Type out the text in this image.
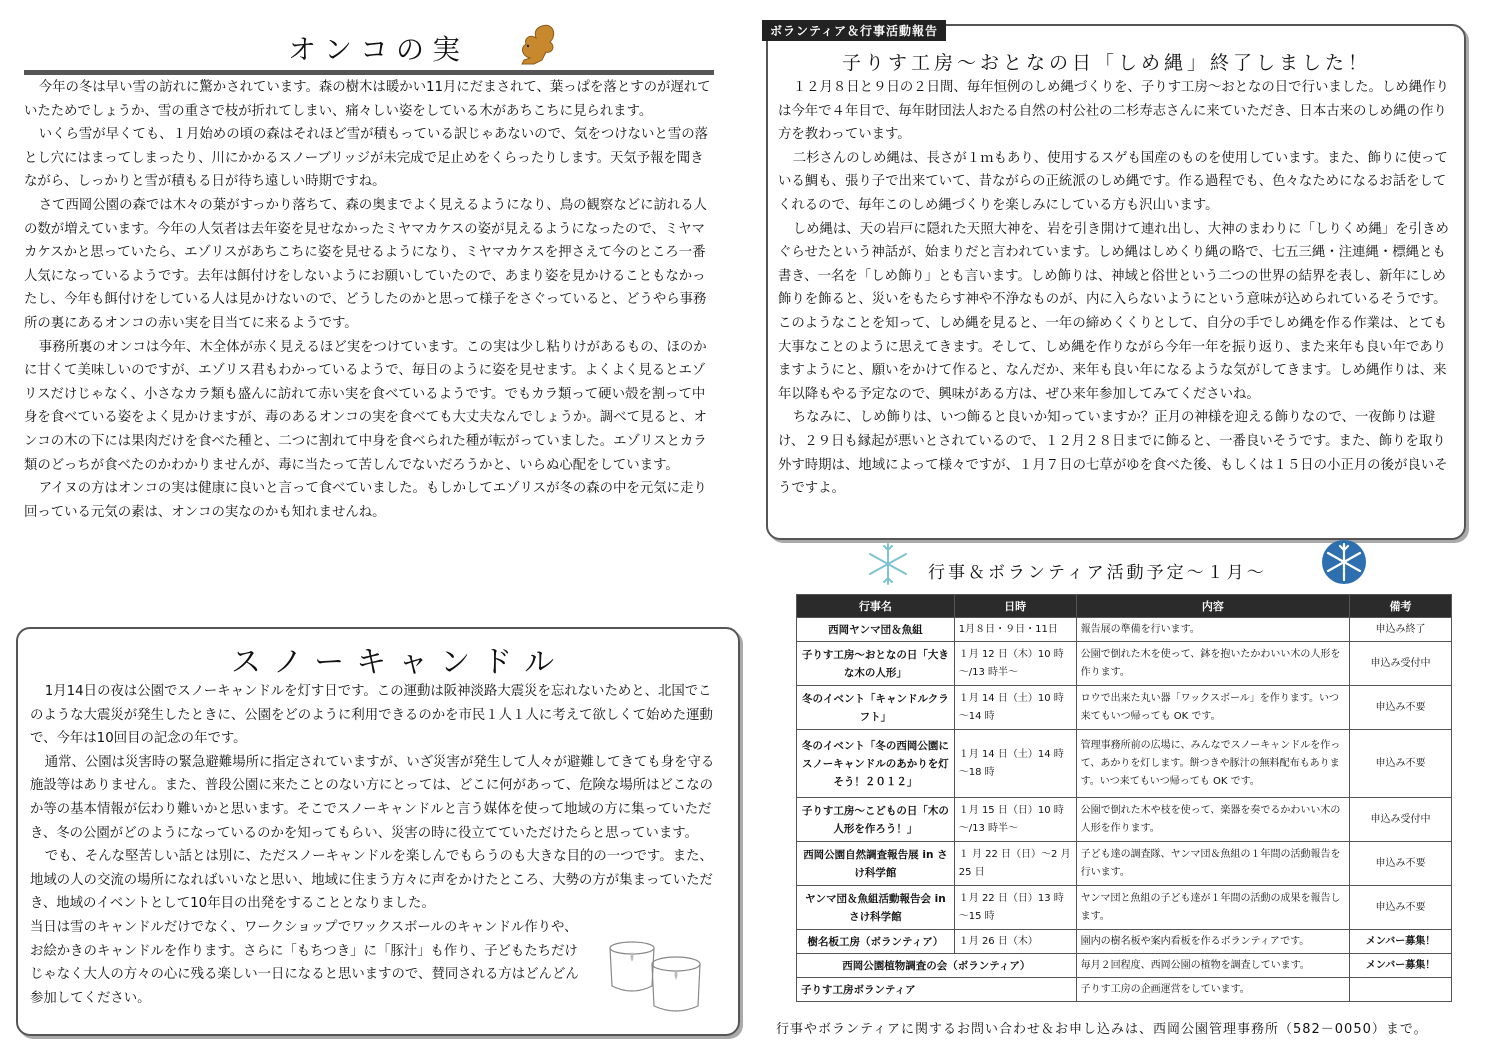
オンコの実

今年の冬は早い雪の訪れに驚かされています。森の樹木は暖かい11月にだまされて、葉っぱを落とすのが遅れていたためでしょうか、雪の重さで枝が折れてしまい、痛々しい姿をしている木があちこちに見られます。

いくら雪が早くても、１月始めの頃の森はそれほど雪が積もっている訳じゃあないので、気をつけないと雪の落とし穴にはまってしまったり、川にかかるスノーブリッジが未完成で足止めをくらったりします。天気予報を聞きながら、しっかりと雪が積もる日が待ち遠しい時期ですね。

さて西岡公園の森では木々の葉がすっかり落ちて、森の奥までよく見えるようになり、鳥の観察などに訪れる人の数が増えています。今年の人気者は去年姿を見せなかったミヤマカケスの姿が見えるようになったので、ミヤマカケスかと思っていたら、エゾリスがあちこちに姿を見せるようになり、ミヤマカケスを押さえて今のところ一番人気になっているようです。去年は餌付けをしないようにお願いしていたので、あまり姿を見かけることもなかったし、今年も餌付けをしている人は見かけないので、どうしたのかと思って様子をさぐっていると、どうやら事務所の裏にあるオンコの赤い実を目当てに来るようです。

事務所裏のオンコは今年、木全体が赤く見えるほど実をつけています。この実は少し粘りけがあるもの、ほのかに甘くて美味しいのですが、エゾリス君もわかっているようで、毎日のように姿を見せます。よくよく見るとエゾリスだけじゃなく、小さなカラ類も盛んに訪れて赤い実を食べているようです。でもカラ類って硬い殻を割って中身を食べている姿をよく見かけますが、毒のあるオンコの実を食べても大丈夫なんでしょうか。調べて見ると、オンコの木の下には果肉だけを食べた種と、二つに割れて中身を食べられた種が転がっていました。エゾリスとカラ類のどっちが食べたのかわかりませんが、毒に当たって苦しんでないだろうかと、いらぬ心配をしています。

アイヌの方はオンコの実は健康に良いと言って食べていました。もしかしてエゾリスが冬の森の中を元気に走り回っている元気の素は、オンコの実なのかも知れませんね。

スノーキャンドル

1月14日の夜は公園でスノーキャンドルを灯す日です。この運動は阪神淡路大震災を忘れないためと、北国でこのような大震災が発生したときに、公園をどのように利用できるのかを市民１人１人に考えて欲しくて始めた運動で、今年は10回目の記念の年です。

通常、公園は災害時の緊急避難場所に指定されていますが、いざ災害が発生して人々が避難してきても身を守る施設等はありません。また、普段公園に来たことのない方にとっては、どこに何があって、危険な場所はどこなのか等の基本情報が伝わり難いかと思います。そこでスノーキャンドルと言う媒体を使って地域の方に集っていただき、冬の公園がどのようになっているのかを知ってもらい、災害の時に役立てていただけたらと思っています。

でも、そんな堅苦しい話とは別に、ただスノーキャンドルを楽しんでもらうのも大きな目的の一つです。また、地域の人の交流の場所になればいいなと思い、地域に住まう方々に声をかけたところ、大勢の方が集まっていただき、地域のイベントとして10年目の出発をすることとなりました。

当日は雪のキャンドルだけでなく、ワークショップでワックスボールのキャンドル作りや、お絵かきのキャンドルを作ります。さらに「もちつき」に「豚汁」も作り、子どもたちだけじゃなく大人の方々の心に残る楽しい一日になると思いますので、賛同される方はどんどん参加してください。

ボランティア＆行事活動報告
子りす工房～おとなの日「しめ縄」終了しました！

１２月８日と９日の２日間、毎年恒例のしめ縄づくりを、子りす工房～おとなの日で行いました。しめ縄作りは今年で４年目で、毎年財団法人おたる自然の村公社の二杉寿志さんに来ていただき、日本古来のしめ縄の作り方を教わっています。

二杉さんのしめ縄は、長さが１ｍもあり、使用するスゲも国産のものを使用しています。また、飾りに使っている鯛も、張り子で出来ていて、昔ながらの正統派のしめ縄です。作る過程でも、色々なためになるお話をしてくれるので、毎年このしめ縄づくりを楽しみにしている方も沢山います。

しめ縄は、天の岩戸に隠れた天照大神を、岩を引き開けて連れ出し、大神のまわりに「しりくめ縄」を引きめぐらせたという神話が、始まりだと言われています。しめ縄はしめくり縄の略で、七五三縄・注連縄・標縄とも書き、一名を「しめ飾り」とも言います。しめ飾りは、神域と俗世という二つの世界の結界を表し、新年にしめ飾りを飾ると、災いをもたらす神や不浄なものが、内に入らないようにという意味が込められているそうです。このようなことを知って、しめ縄を見ると、一年の締めくくりとして、自分の手でしめ縄を作る作業は、とても大事なことのように思えてきます。そして、しめ縄を作りながら今年一年を振り返り、また来年も良い年でありますようにと、願いをかけて作ると、なんだか、来年も良い年になるような気がしてきます。しめ縄作りは、来年以降もやる予定なので、興味がある方は、ぜひ来年参加してみてくださいね。

ちなみに、しめ飾りは、いつ飾ると良いか知っていますか？正月の神様を迎える飾りなので、一夜飾りは避け、２９日も縁起が悪いとされているので、１２月２８日までに飾ると、一番良いそうです。また、飾りを取り外す時期は、地域によって様々ですが、１月７日の七草がゆを食べた後、もしくは１５日の小正月の後が良いそうですよ。

行事＆ボランティア活動予定～１月～
行事名	日時	内容	備考
西岡ヤンマ団＆魚組	1月８日・９日・11日	報告展の準備を行います。	申込み終了
子りす工房～おとなの日「大きな木の人形」	１月 12 日（木）10 時～/13 時半～	公園で倒れた木を使って、鉢を抱いたかわいい木の人形を作ります。	申込み受付中
冬のイベント「キャンドルクラフト」	１月 14 日（土）10 時～14 時	ロウで出来た丸い器「ワックスボール」を作ります。いつ来てもいつ帰っても OK です。	申込み不要
冬のイベント「冬の西岡公園にスノーキャンドルのあかりを灯そう！２０１２」	１月 14 日（土）14 時～18 時	管理事務所前の広場に、みんなでスノーキャンドルを作って、あかりを灯します。餅つきや豚汁の無料配布もあります。いつ来てもいつ帰っても OK です。	申込み不要
子りす工房～こどもの日「木の人形を作ろう！」	１月 15 日（日）10 時～/13 時半～	公園で倒れた木や枝を使って、楽器を奏でるかわいい木の人形を作ります。	申込み受付中
西岡公園自然調査報告展 in さけ科学館	１ 月 22 日（日）～2 月 25 日	子ども達の調査隊、ヤンマ団＆魚組の１年間の活動報告を行います。	申込み不要
ヤンマ団＆魚組活動報告会 in さけ科学館	１月 22 日（日）13 時～15 時	ヤンマ団と魚組の子ども達が１年間の活動の成果を報告します。	申込み不要
樹名板工房（ボランティア）	１月 26 日（木）	園内の樹名板や案内看板を作るボランティアです。	メンバー募集！
西岡公園植物調査の会（ボランティア）		毎月２回程度、西岡公園の植物を調査しています。	メンバー募集！
子りす工房ボランティア		子りす工房の企画運営をしています。	
行事やボランティアに関するお問い合わせ＆お申し込みは、西岡公園管理事務所（582－0050）まで。
